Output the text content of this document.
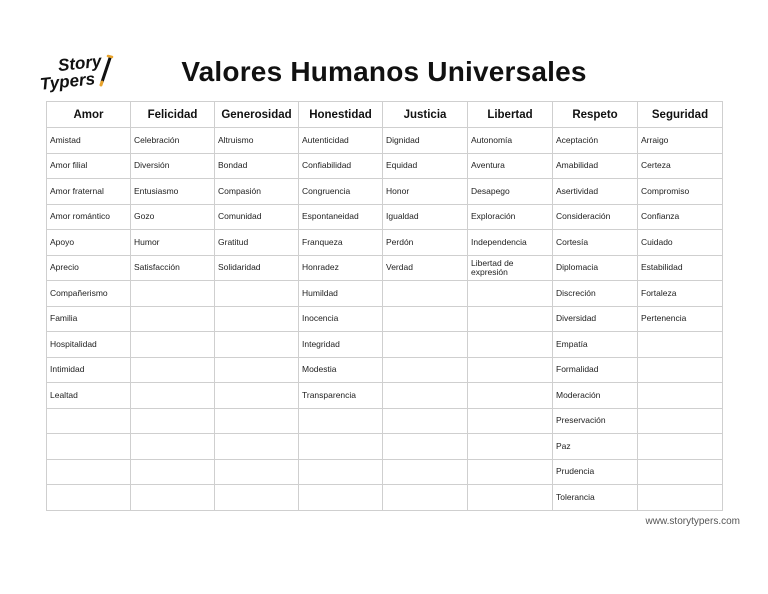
Story
Typers	Valores Humanos Universales
Amor	Felicidad	Generosidad	Honestidad	Justicia	Libertad	Respeto	Seguridad
Amistad	Celebración	Altruismo	Autenticidad	Dignidad	Autonomía	Aceptación	Arraigo
Amor filial	Diversión	Bondad	Confiabilidad	Equidad	Aventura	Amabilidad	Certeza
Amor fraternal	Entusiasmo	Compasión	Congruencia	Honor	Desapego	Asertividad	Compromiso
Amor romántico	Gozo	Comunidad	Espontaneidad	Igualdad	Exploración	Consideración	Confianza
Apoyo	Humor	Gratitud	Franqueza	Perdón	Independencia	Cortesía	Cuidado
Aprecio	Satisfacción	Solidaridad	Honradez	Verdad	Libertad de expresión	Diplomacia	Estabilidad
Compañerismo			Humildad			Discreción	Fortaleza
Familia			Inocencia			Diversidad	Pertenencia
Hospitalidad			Integridad			Empatía	
Intimidad			Modestia			Formalidad	
Lealtad			Transparencia			Moderación	
						Preservación	
						Paz	
						Prudencia	
						Tolerancia	
www.storytypers.com
